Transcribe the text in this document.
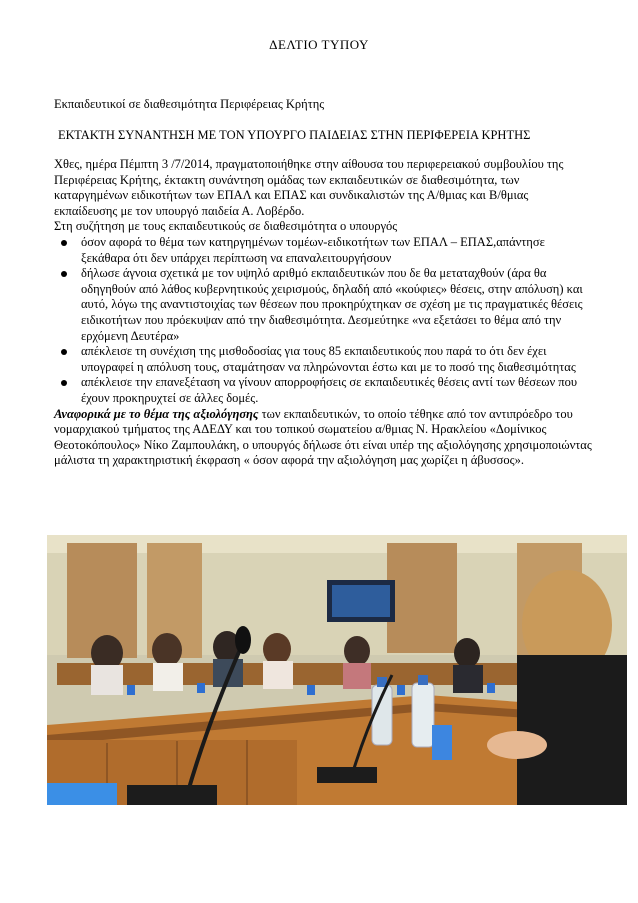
ΔΕΛΤΙΟ ΤΥΠΟΥ
Εκπαιδευτικοί σε διαθεσιμότητα Περιφέρειας Κρήτης
ΕΚΤΑΚΤΗ ΣΥΝΑΝΤΗΣΗ ΜΕ ΤΟΝ ΥΠΟΥΡΓΟ ΠΑΙΔΕΙΑΣ ΣΤΗΝ ΠΕΡΙΦΕΡΕΙΑ ΚΡΗΤΗΣ

Χθες, ημέρα Πέμπτη 3 /7/2014, πραγματοποιήθηκε στην αίθουσα του περιφερειακού συμβουλίου της Περιφέρειας Κρήτης, έκτακτη συνάντηση ομάδας των εκπαιδευτικών σε διαθεσιμότητα, των καταργημένων ειδικοτήτων των ΕΠΑΛ και ΕΠΑΣ και συνδικαλιστών της Α/θμιας και Β/θμιας εκπαίδευσης με τον υπουργό παιδεία Α. Λοβέρδο.

Στη συζήτηση με τους εκπαιδευτικούς σε διαθεσιμότητα ο υπουργός

όσον αφορά το θέμα των κατηργημένων τομέων-ειδικοτήτων των ΕΠΑΛ – ΕΠΑΣ,απάντησε ξεκάθαρα ότι δεν υπάρχει περίπτωση να επαναλειτουργήσουν
δήλωσε άγνοια σχετικά με τον υψηλό αριθμό εκπαιδευτικών που δε θα μεταταχθούν (άρα θα οδηγηθούν από λάθος κυβερνητικούς χειρισμούς, δηλαδή από «κούφιες» θέσεις, στην απόλυση) και αυτό, λόγω της αναντιστοιχίας των θέσεων που προκηρύχτηκαν σε σχέση με τις πραγματικές θέσεις ειδικοτήτων που πρόεκυψαν από την διαθεσιμότητα. Δεσμεύτηκε «να εξετάσει το θέμα από την ερχόμενη Δευτέρα»
απέκλεισε τη συνέχιση της μισθοδοσίας για τους 85 εκπαιδευτικούς που παρά το ότι δεν έχει υπογραφεί η απόλυση τους, σταμάτησαν να πληρώνονται έστω και με το ποσό της διαθεσιμότητας
απέκλεισε την επανεξέταση να γίνουν απορροφήσεις σε εκπαιδευτικές θέσεις αντί των θέσεων που έχουν προκηρυχτεί σε άλλες δομές.

Αναφορικά με το θέμα της αξιολόγησης των εκπαιδευτικών, το οποίο τέθηκε από τον αντιπρόεδρο του νομαρχιακού τμήματος της ΑΔΕΔΥ και του τοπικού σωματείου α/θμιας Ν. Ηρακλείου «Δομίνικος Θεοτοκόπουλος» Νίκο Ζαμπουλάκη, ο υπουργός δήλωσε ότι είναι υπέρ της αξιολόγησης χρησιμοποιώντας μάλιστα τη χαρακτηριστική έκφραση « όσον αφορά την αξιολόγηση μας χωρίζει η άβυσσος».
